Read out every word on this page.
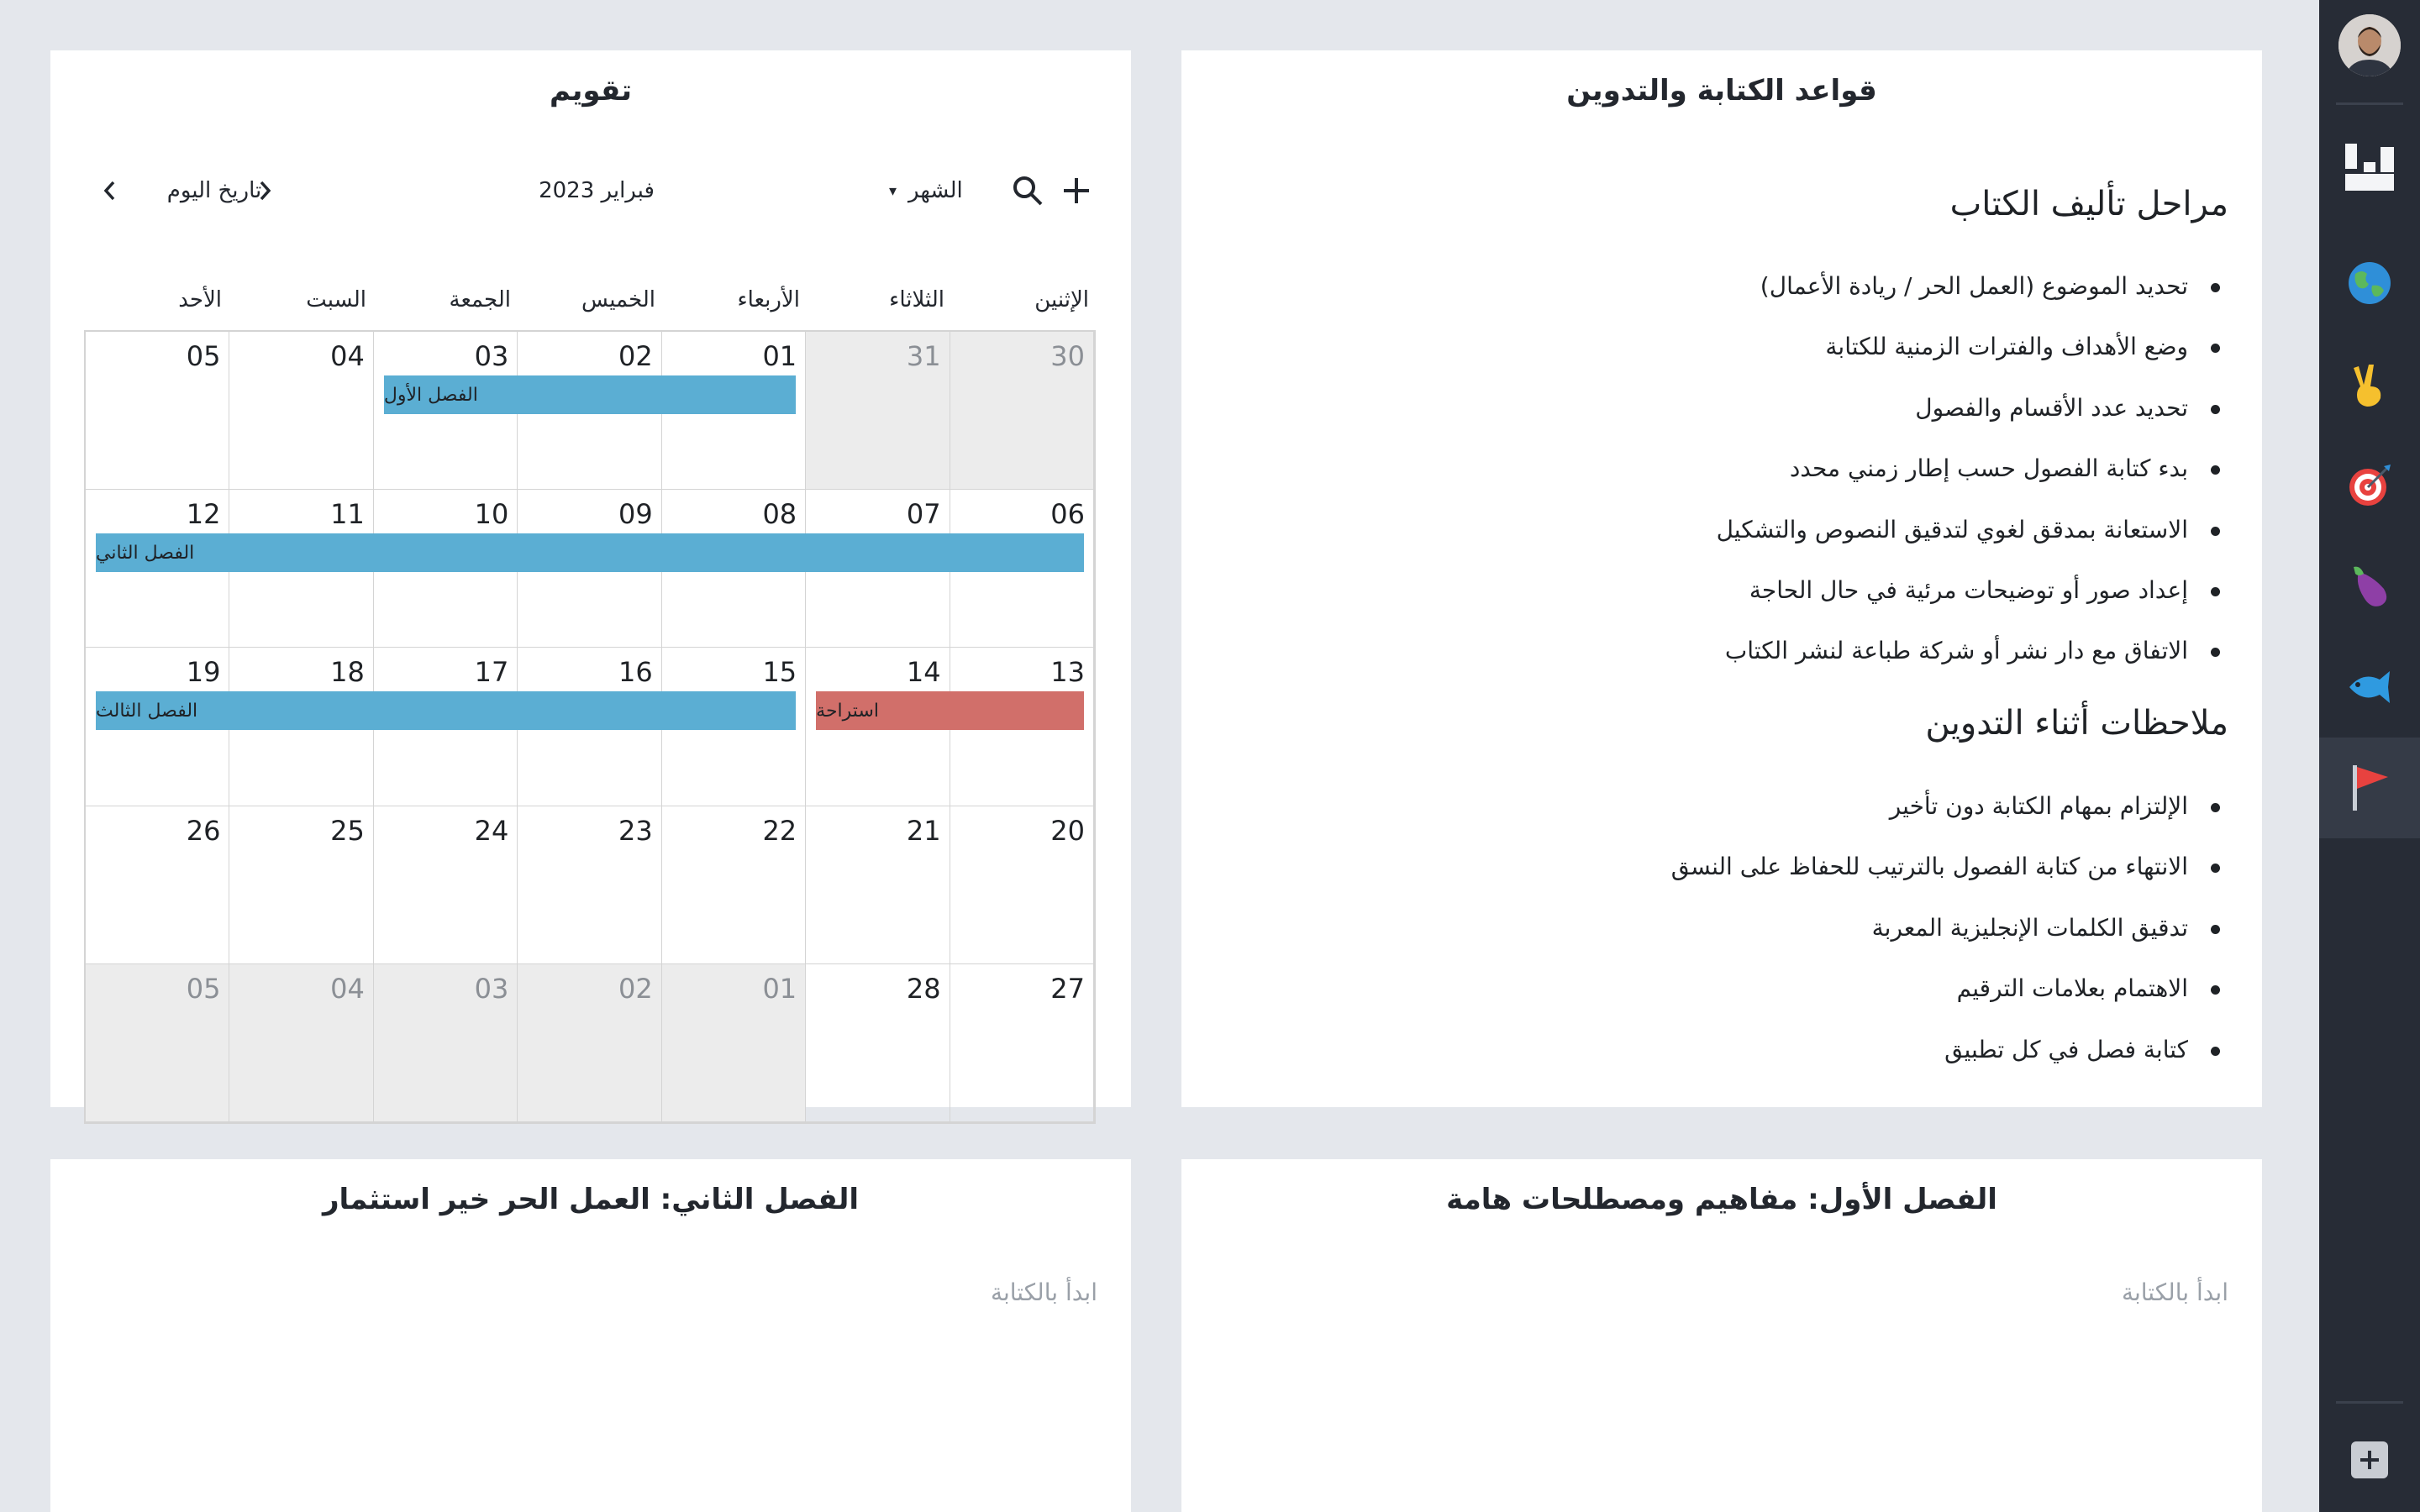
تقويم
تاريخ اليوم	فبراير 2023	▾ الشهر
الإثنين
الثلاثاء
الأربعاء
الخميس
الجمعة
السبت
الأحد
30
31
01
02
03
04
05
06
07
08
09
10
11
12
13
14
15
16
17
18
19
20
21
22
23
24
25
26
27
28
01
02
03
04
05
الفصل الأول
الفصل الثاني
استراحة
الفصل الثالث
قواعد الكتابة والتدوين
مراحل تأليف الكتاب
تحديد الموضوع (العمل الحر / ريادة الأعمال)
وضع الأهداف والفترات الزمنية للكتابة
تحديد عدد الأقسام والفصول
بدء كتابة الفصول حسب إطار زمني محدد
الاستعانة بمدقق لغوي لتدقيق النصوص والتشكيل
إعداد صور أو توضيحات مرئية في حال الحاجة
الاتفاق مع دار نشر أو شركة طباعة لنشر الكتاب
ملاحظات أثناء التدوين
الإلتزام بمهام الكتابة دون تأخير
الانتهاء من كتابة الفصول بالترتيب للحفاظ على النسق
تدقيق الكلمات الإنجليزية المعربة
الاهتمام بعلامات الترقيم
كتابة فصل في كل تطبيق
الفصل الثاني: العمل الحر خير استثمار
ابدأ بالكتابة
الفصل الأول: مفاهيم ومصطلحات هامة
ابدأ بالكتابة
